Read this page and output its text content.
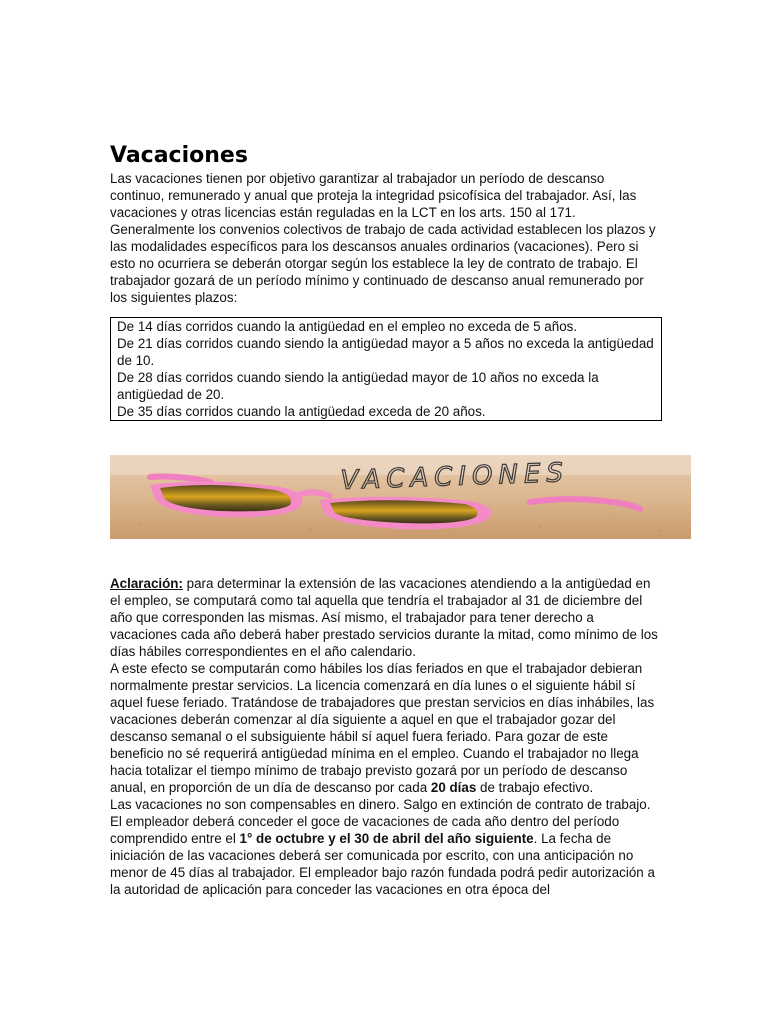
Vacaciones

Las vacaciones tienen por objetivo garantizar al trabajador un período de descanso continuo, remunerado y anual que proteja la integridad psicofísica del trabajador. Así, las vacaciones y otras licencias están reguladas en la LCT en los arts. 150 al 171. Generalmente los convenios colectivos de trabajo de cada actividad establecen los plazos y las modalidades específicos para los descansos anuales ordinarios (vacaciones). Pero si esto no ocurriera se deberán otorgar según los establece la ley de contrato de trabajo. El trabajador gozará de un período mínimo y continuado de descanso anual remunerado por los siguientes plazos:

De 14 días corridos cuando la antigüedad en el empleo no exceda de 5 años.
De 21 días corridos cuando siendo la antigüedad mayor a 5 años no exceda la antigüedad de 10.
De 28 días corridos cuando siendo la antigüedad mayor de 10 años no exceda la antigüedad de 20.
De 35 días corridos cuando la antigüedad exceda de 20 años.
VACACIONES

Aclaración: para determinar la extensión de las vacaciones atendiendo a la antigüedad en el empleo, se computará como tal aquella que tendría el trabajador al 31 de diciembre del año que corresponden las mismas. Así mismo, el trabajador para tener derecho a vacaciones cada año deberá haber prestado servicios durante la mitad, como mínimo de los días hábiles correspondientes en el año calendario.

A este efecto se computarán como hábiles los días feriados en que el trabajador debieran normalmente prestar servicios. La licencia comenzará en día lunes o el siguiente hábil sí aquel fuese feriado. Tratándose de trabajadores que prestan servicios en días inhábiles, las vacaciones deberán comenzar al día siguiente a aquel en que el trabajador gozar del descanso semanal o el subsiguiente hábil sí aquel fuera feriado. Para gozar de este beneficio no sé requerirá antigüedad mínima en el empleo. Cuando el trabajador no llega hacia totalizar el tiempo mínimo de trabajo previsto gozará por un período de descanso anual, en proporción de un día de descanso por cada 20 días de trabajo efectivo.

Las vacaciones no son compensables en dinero. Salgo en extinción de contrato de trabajo. El empleador deberá conceder el goce de vacaciones de cada año dentro del período comprendido entre el 1° de octubre y el 30 de abril del año siguiente. La fecha de iniciación de las vacaciones deberá ser comunicada por escrito, con una anticipación no menor de 45 días al trabajador. El empleador bajo razón fundada podrá pedir autorización a la autoridad de aplicación para conceder las vacaciones en otra época del
